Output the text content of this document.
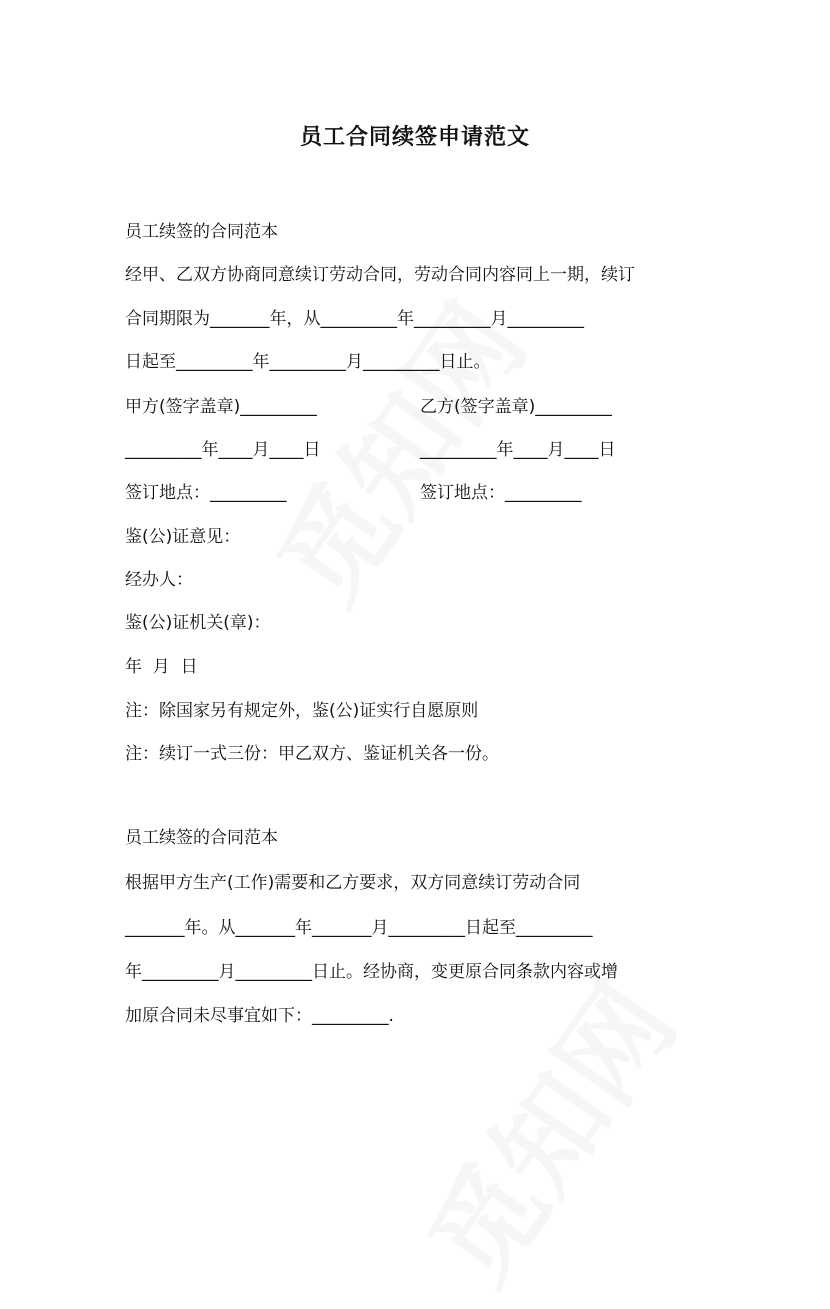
员工合同续签申请范文
员工续签的合同范本
经甲、乙双方协商同意续订劳动合同，劳动合同内容同上一期，续订
合同期限为_______年，从_________年_________月_________
日起至_________年_________月_________日止。
甲方(签字盖章)_________	乙方(签字盖章)_________
_________年____月____日	_________年____月____日
签订地点：_________	签订地点：_________
鉴(公)证意见：
经办人：
鉴(公)证机关(章)：
年  月  日
注：除国家另有规定外，鉴(公)证实行自愿原则
注：续订一式三份：甲乙双方、鉴证机关各一份。
员工续签的合同范本
根据甲方生产(工作)需要和乙方要求，双方同意续订劳动合同
_______年。从_______年_______月_________日起至_________
年_________月_________日止。经协商，变更原合同条款内容或增
加原合同未尽事宜如下：_________.
